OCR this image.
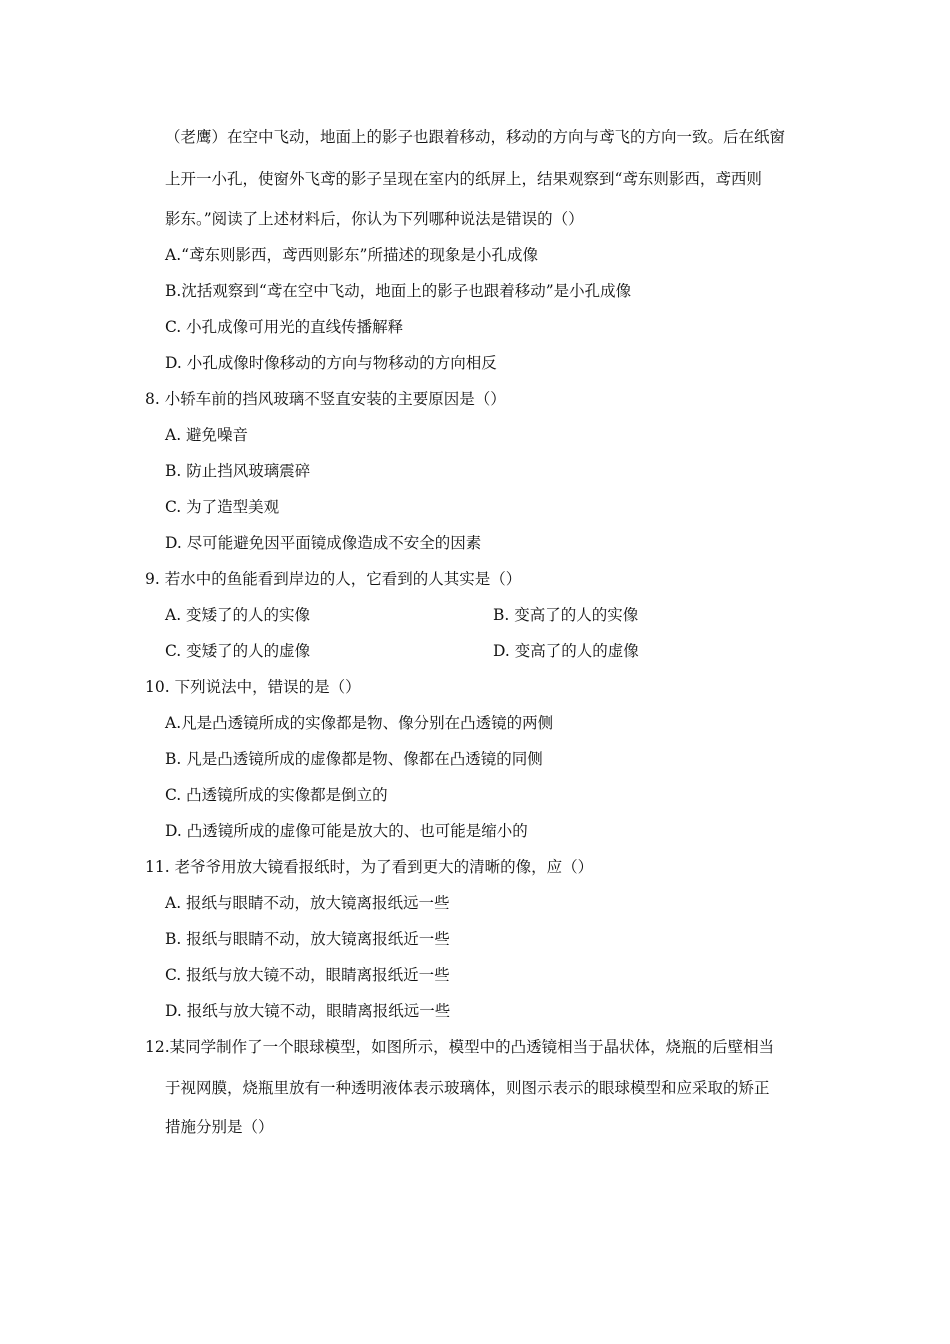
（老鹰）在空中飞动，地面上的影子也跟着移动，移动的方向与鸢飞的方向一致。后在纸窗
上开一小孔，使窗外飞鸢的影子呈现在室内的纸屏上，结果观察到“鸢东则影西，鸢西则
影东。”阅读了上述材料后，你认为下列哪种说法是错误的（）
A.“鸢东则影西，鸢西则影东”所描述的现象是小孔成像
B.沈括观察到“鸢在空中飞动，地面上的影子也跟着移动”是小孔成像
C. 小孔成像可用光的直线传播解释
D. 小孔成像时像移动的方向与物移动的方向相反
8. 小轿车前的挡风玻璃不竖直安装的主要原因是（）
A. 避免噪音
B. 防止挡风玻璃震碎
C. 为了造型美观
D. 尽可能避免因平面镜成像造成不安全的因素
9. 若水中的鱼能看到岸边的人，它看到的人其实是（）
A. 变矮了的人的实像	B. 变高了的人的实像
C. 变矮了的人的虚像	D. 变高了的人的虚像
10. 下列说法中，错误的是（）
A.凡是凸透镜所成的实像都是物、像分别在凸透镜的两侧
B. 凡是凸透镜所成的虚像都是物、像都在凸透镜的同侧
C. 凸透镜所成的实像都是倒立的
D. 凸透镜所成的虚像可能是放大的、也可能是缩小的
11. 老爷爷用放大镜看报纸时，为了看到更大的清晰的像，应（）
A. 报纸与眼睛不动，放大镜离报纸远一些
B. 报纸与眼睛不动，放大镜离报纸近一些
C. 报纸与放大镜不动，眼睛离报纸近一些
D. 报纸与放大镜不动，眼睛离报纸远一些
12.某同学制作了一个眼球模型，如图所示，模型中的凸透镜相当于晶状体，烧瓶的后壁相当
于视网膜，烧瓶里放有一种透明液体表示玻璃体，则图示表示的眼球模型和应采取的矫正
措施分别是（）
